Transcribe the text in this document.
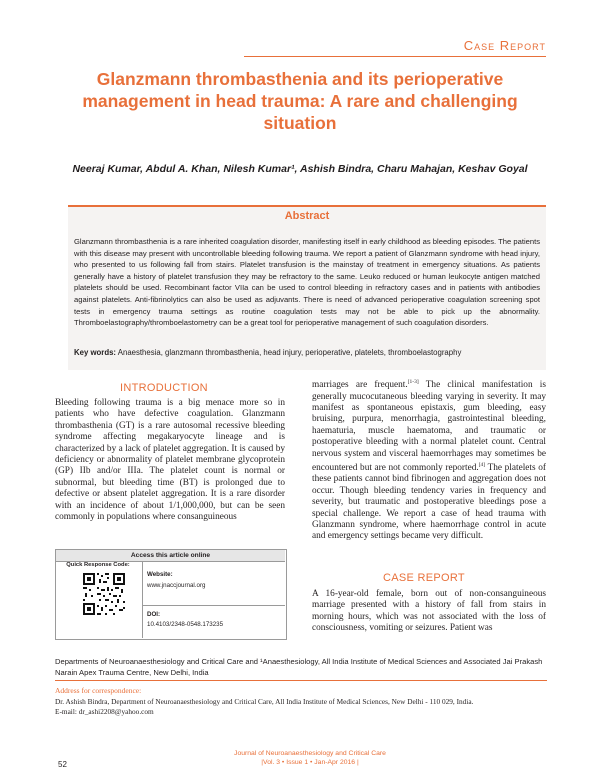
Case Report
Glanzmann thrombasthenia and its perioperative management in head trauma: A rare and challenging situation
Neeraj Kumar, Abdul A. Khan, Nilesh Kumar¹, Ashish Bindra, Charu Mahajan, Keshav Goyal
Abstract
Glanzmann thrombasthenia is a rare inherited coagulation disorder, manifesting itself in early childhood as bleeding episodes. The patients with this disease may present with uncontrollable bleeding following trauma. We report a patient of Glanzmann syndrome with head injury, who presented to us following fall from stairs. Platelet transfusion is the mainstay of treatment in emergency situations. As patients generally have a history of platelet transfusion they may be refractory to the same. Leuko reduced or human leukocyte antigen matched platelets should be used. Recombinant factor VIIa can be used to control bleeding in refractory cases and in patients with antibodies against platelets. Anti-fibrinolytics can also be used as adjuvants. There is need of advanced perioperative coagulation screening spot tests in emergency trauma settings as routine coagulation tests may not be able to pick up the abnormality. Thromboelastography/thromboelastometry can be a great tool for perioperative management of such coagulation disorders.
Key words: Anaesthesia, glanzmann thrombasthenia, head injury, perioperative, platelets, thromboelastography
INTRODUCTION
Bleeding following trauma is a big menace more so in patients who have defective coagulation. Glanzmann thrombasthenia (GT) is a rare autosomal recessive bleeding syndrome affecting megakaryocyte lineage and is characterized by a lack of platelet aggregation. It is caused by deficiency or abnormality of platelet membrane glycoprotein (GP) IIb and/or IIIa. The platelet count is normal or subnormal, but bleeding time (BT) is prolonged due to defective or absent platelet aggregation. It is a rare disorder with an incidence of about 1/1,000,000, but can be seen commonly in populations where consanguineous
marriages are frequent.[1-3] The clinical manifestation is generally mucocutaneous bleeding varying in severity. It may manifest as spontaneous epistaxis, gum bleeding, easy bruising, purpura, menorrhagia, gastrointestinal bleeding, haematuria, muscle haematoma, and traumatic or postoperative bleeding with a normal platelet count. Central nervous system and visceral haemorrhages may sometimes be encountered but are not commonly reported.[4] The platelets of these patients cannot bind fibrinogen and aggregation does not occur. Though bleeding tendency varies in frequency and severity, but traumatic and postoperative bleedings pose a special challenge. We report a case of head trauma with Glanzmann syndrome, where haemorrhage control in acute and emergency settings became very difficult.
CASE REPORT
A 16-year-old female, born out of non-consanguineous marriage presented with a history of fall from stairs in morning hours, which was not associated with the loss of consciousness, vomiting or seizures. Patient was
Access this article online
Quick Response Code:
Website:
www.jnaccjournal.org
DOI:
10.4103/2348-0548.173235
Departments of Neuroanaesthesiology and Critical Care and ¹Anaesthesiology, All India Institute of Medical Sciences and Associated Jai Prakash Narain Apex Trauma Centre, New Delhi, India
Address for correspondence:
Dr. Ashish Bindra, Department of Neuroanaesthesiology and Critical Care, All India Institute of Medical Sciences, New Delhi - 110 029, India.
E-mail: dr_ashi2208@yahoo.com
52
Journal of Neuroanaesthesiology and Critical Care
|Vol. 3 • Issue 1 • Jan-Apr 2016 |
